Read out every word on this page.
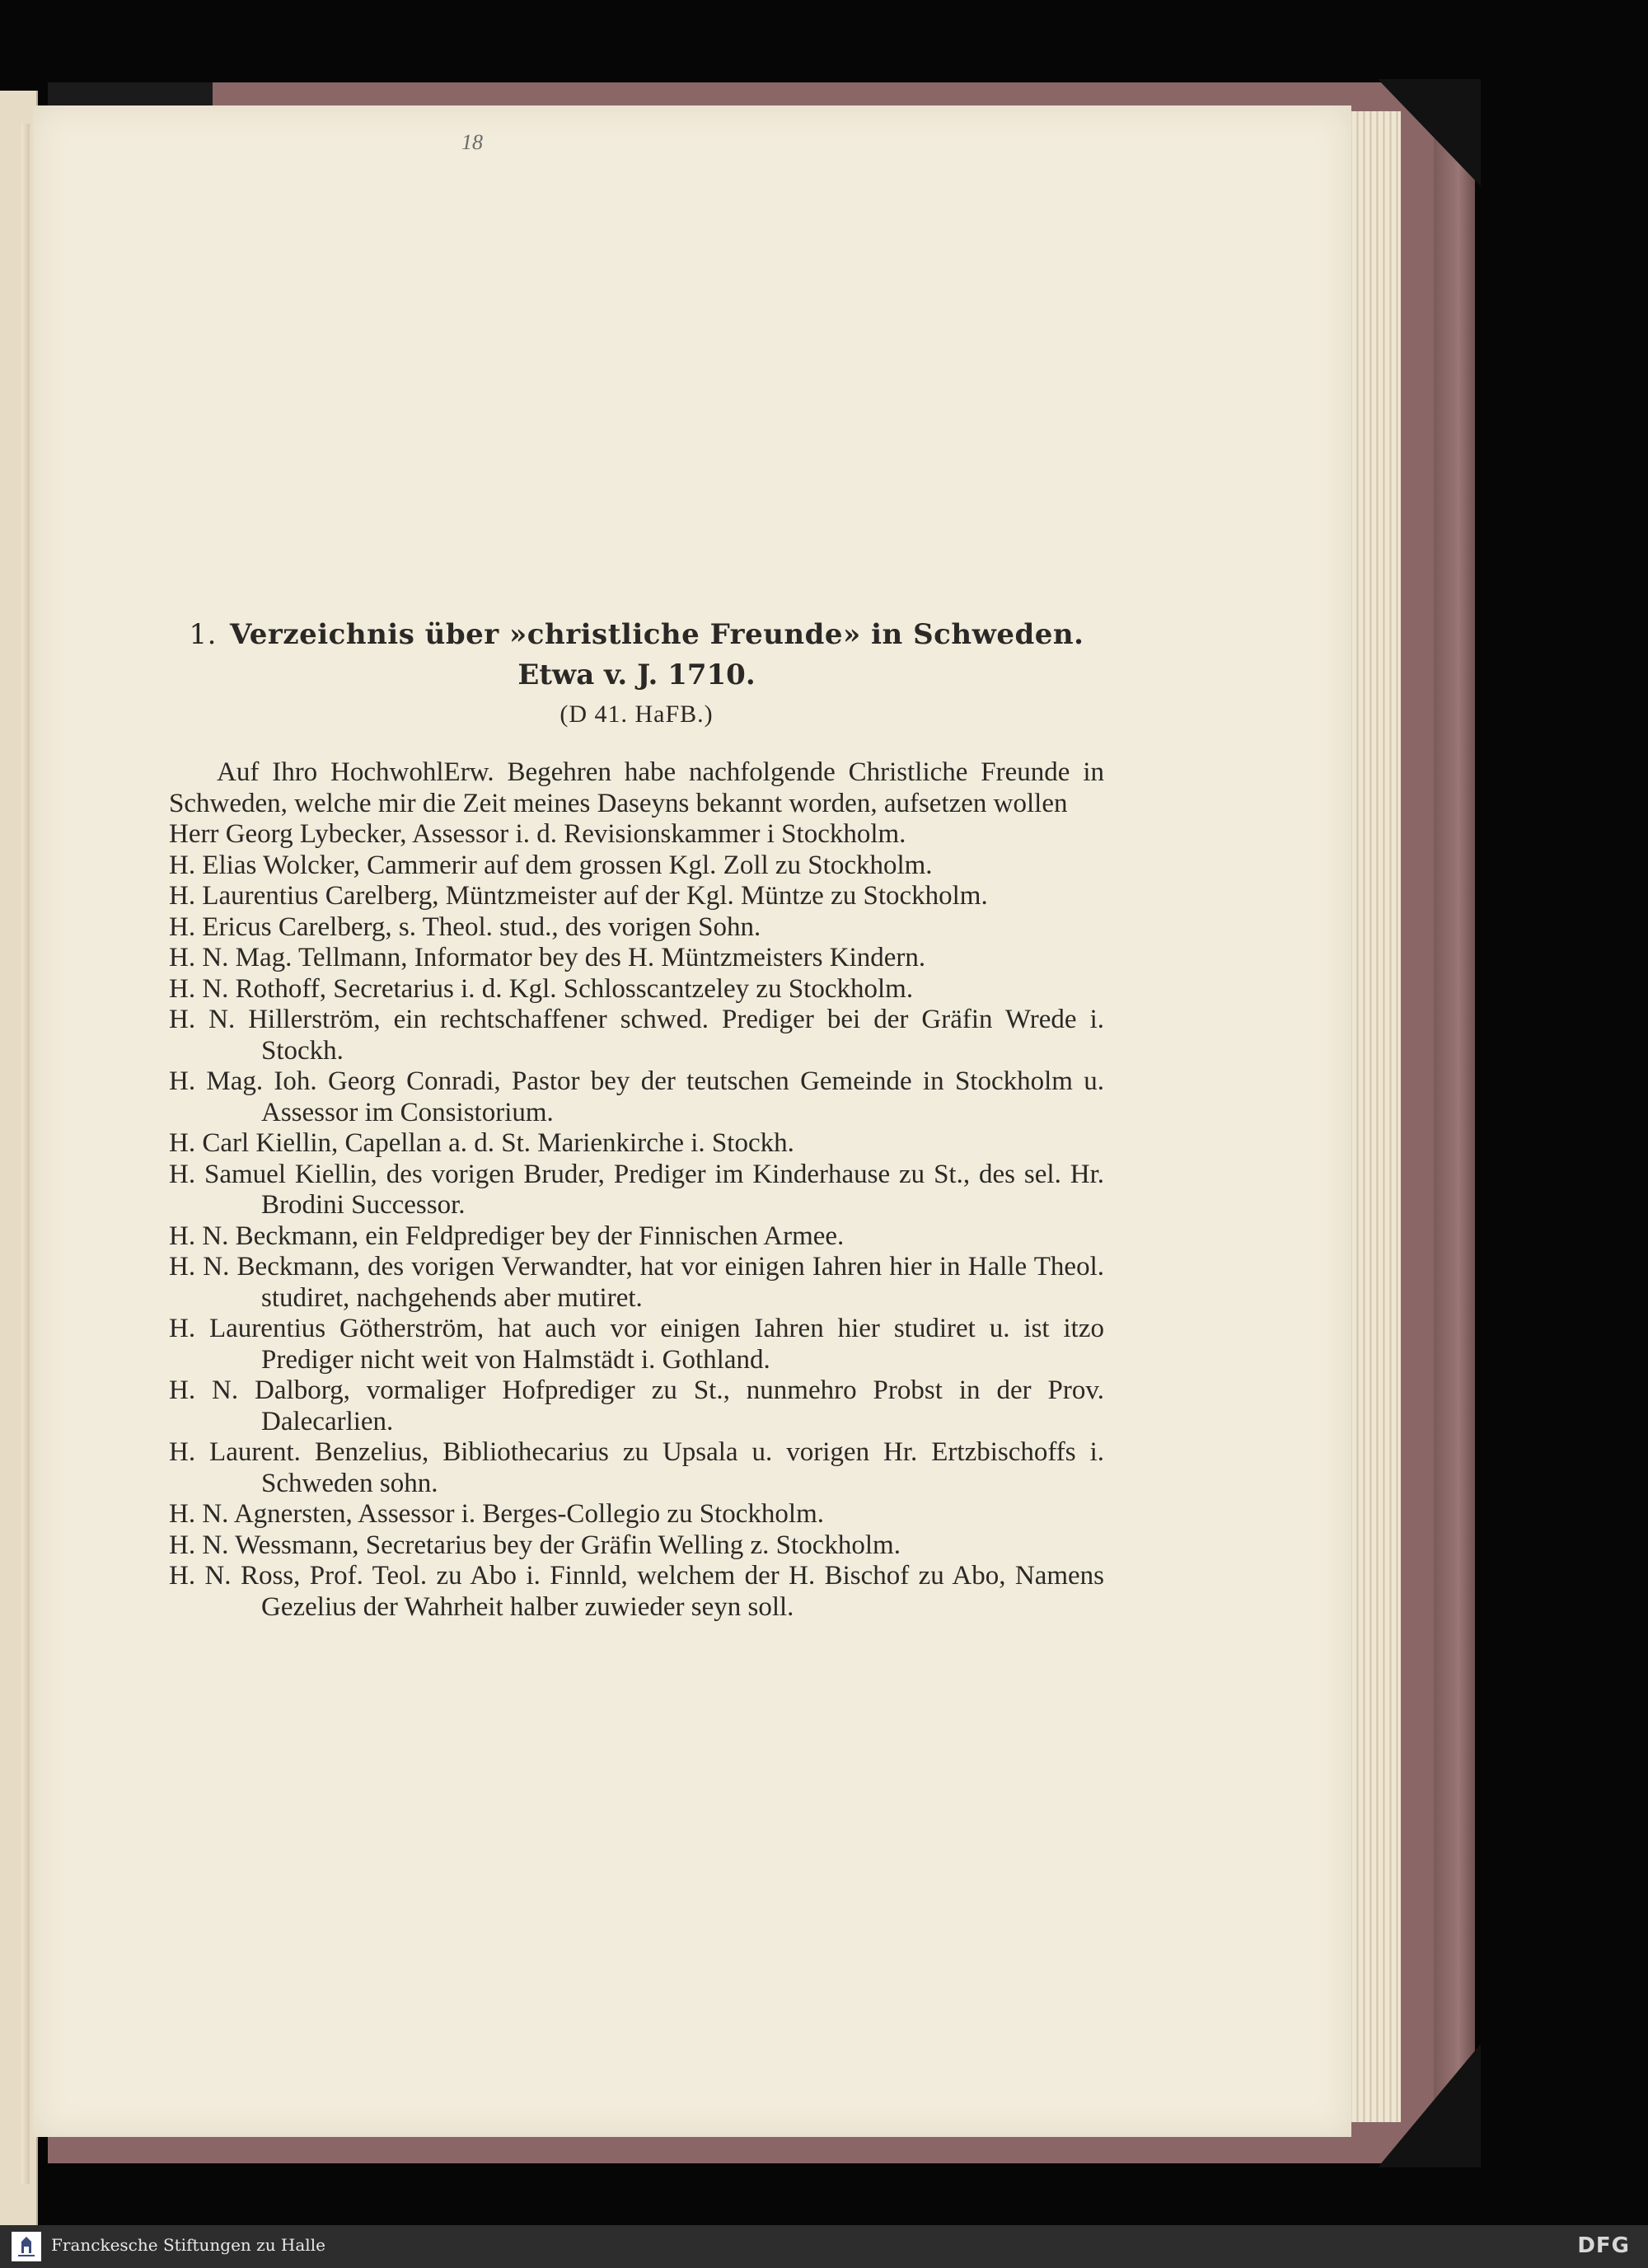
18
1. Verzeichnis über »christliche Freunde» in Schweden.
Etwa v. J. 1710.
(D 41. HaFB.)

Auf Ihro HochwohlErw. Begehren habe nachfolgende Christliche Freunde in Schweden, welche mir die Zeit meines Daseyns bekannt worden, aufsetzen wollen

Herr Georg Lybecker, Assessor i. d. Revisionskammer i Stockholm.
H. Elias Wolcker, Cammerir auf dem grossen Kgl. Zoll zu Stockholm.
H. Laurentius Carelberg, Müntzmeister auf der Kgl. Müntze zu Stockholm.
H. Ericus Carelberg, s. Theol. stud., des vorigen Sohn.
H. N. Mag. Tellmann, Informator bey des H. Müntzmeisters Kindern.
H. N. Rothoff, Secretarius i. d. Kgl. Schlosscantzeley zu Stockholm.
H. N. Hillerström, ein rechtschaffener schwed. Prediger bei der Gräfin Wrede i. Stockh.
H. Mag. Ioh. Georg Conradi, Pastor bey der teutschen Gemeinde in Stockholm u. Assessor im Consistorium.
H. Carl Kiellin, Capellan a. d. St. Marienkirche i. Stockh.
H. Samuel Kiellin, des vorigen Bruder, Prediger im Kinderhause zu St., des sel. Hr. Brodini Successor.
H. N. Beckmann, ein Feldprediger bey der Finnischen Armee.
H. N. Beckmann, des vorigen Verwandter, hat vor einigen Iahren hier in Halle Theol. studiret, nachgehends aber mutiret.
H. Laurentius Götherström, hat auch vor einigen Iahren hier studiret u. ist itzo Prediger nicht weit von Halmstädt i. Gothland.
H. N. Dalborg, vormaliger Hofprediger zu St., nunmehro Probst in der Prov. Dalecarlien.
H. Laurent. Benzelius, Bibliothecarius zu Upsala u. vorigen Hr. Ertzbischoffs i. Schweden sohn.
H. N. Agnersten, Assessor i. Berges-Collegio zu Stockholm.
H. N. Wessmann, Secretarius bey der Gräfin Welling z. Stockholm.
H. N. Ross, Prof. Teol. zu Abo i. Finnld, welchem der H. Bischof zu Abo, Namens Gezelius der Wahrheit halber zuwieder seyn soll.
Franckesche Stiftungen zu Halle	DFG
